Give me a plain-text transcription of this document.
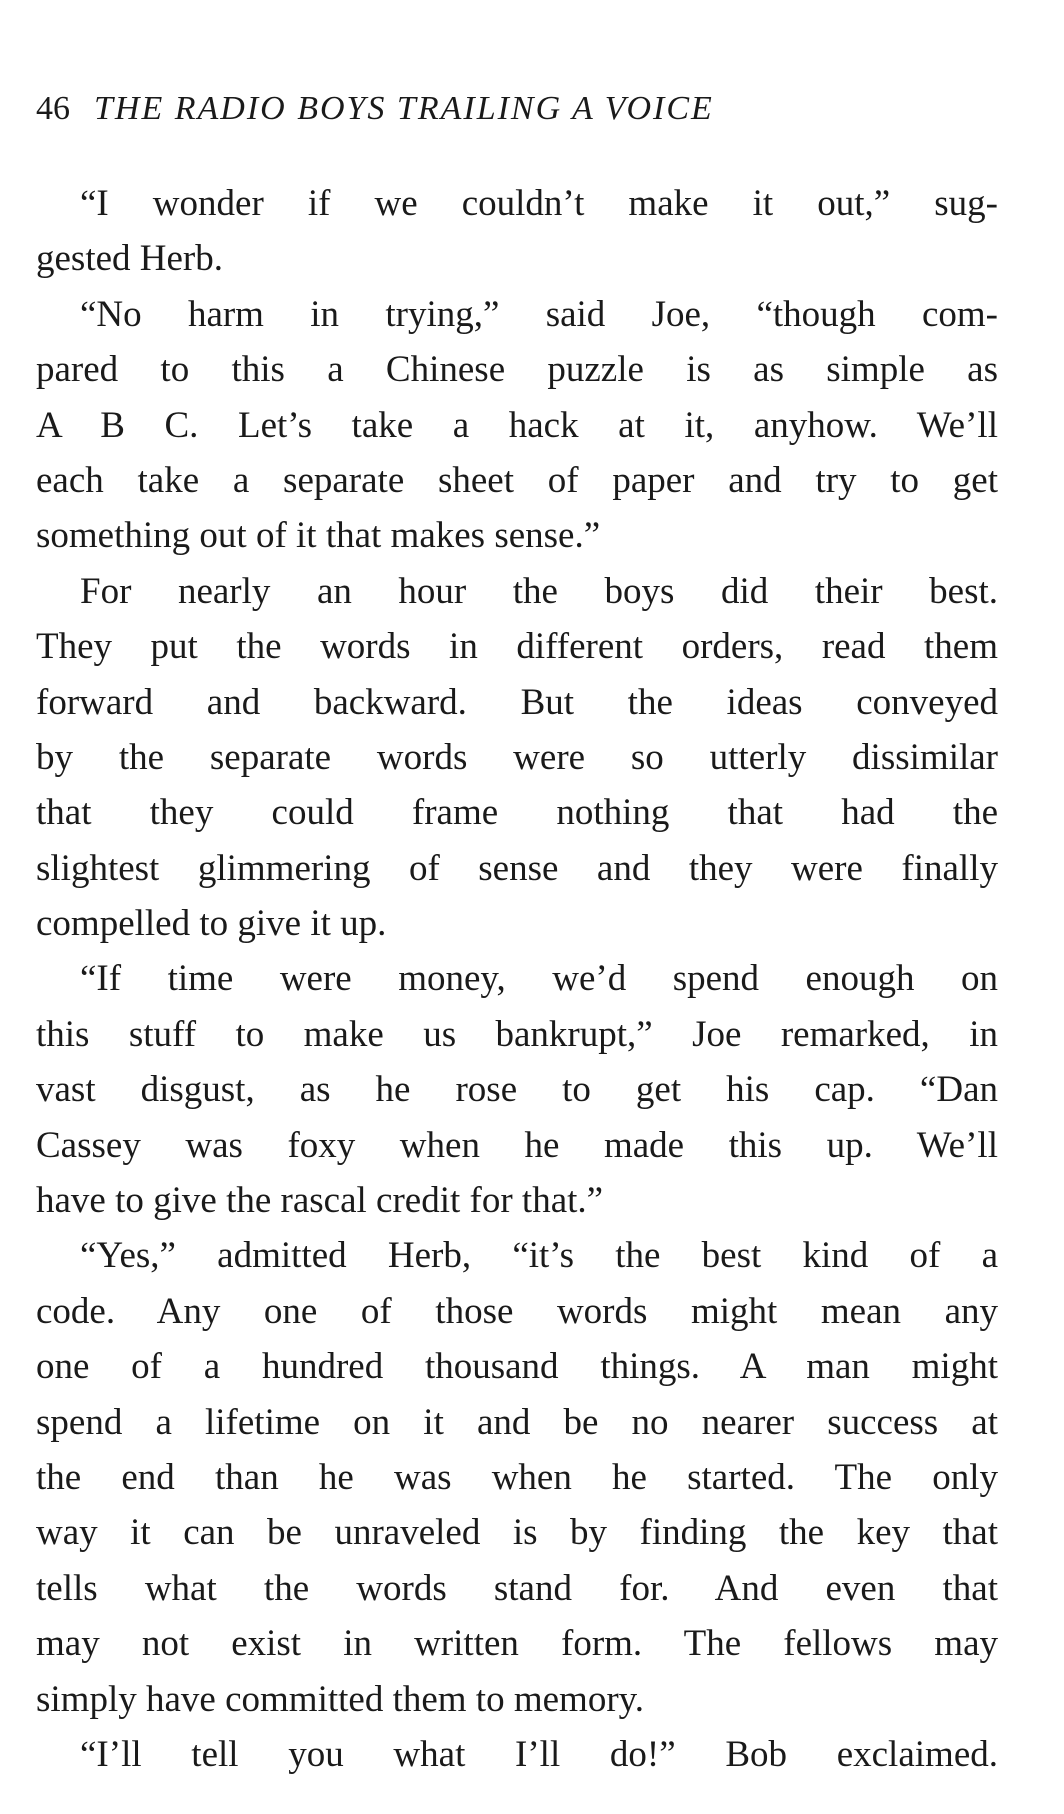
46 THE RADIO BOYS TRAILING A VOICE
“I wonder if we couldn’t make it out,” sug-
gested Herb.
“No harm in trying,” said Joe, “though com-
pared to this a Chinese puzzle is as simple as
A B C. Let’s take a hack at it, anyhow. We’ll
each take a separate sheet of paper and try to get
something out of it that makes sense.”
For nearly an hour the boys did their best.
They put the words in different orders, read them
forward and backward. But the ideas conveyed
by the separate words were so utterly dissimilar
that they could frame nothing that had the
slightest glimmering of sense and they were finally
compelled to give it up.
“If time were money, we’d spend enough on
this stuff to make us bankrupt,” Joe remarked, in
vast disgust, as he rose to get his cap. “Dan
Cassey was foxy when he made this up. We’ll
have to give the rascal credit for that.”
“Yes,” admitted Herb, “it’s the best kind of a
code. Any one of those words might mean any
one of a hundred thousand things. A man might
spend a lifetime on it and be no nearer success at
the end than he was when he started. The only
way it can be unraveled is by finding the key that
tells what the words stand for. And even that
may not exist in written form. The fellows may
simply have committed them to memory.
“I’ll tell you what I’ll do!” Bob exclaimed.
